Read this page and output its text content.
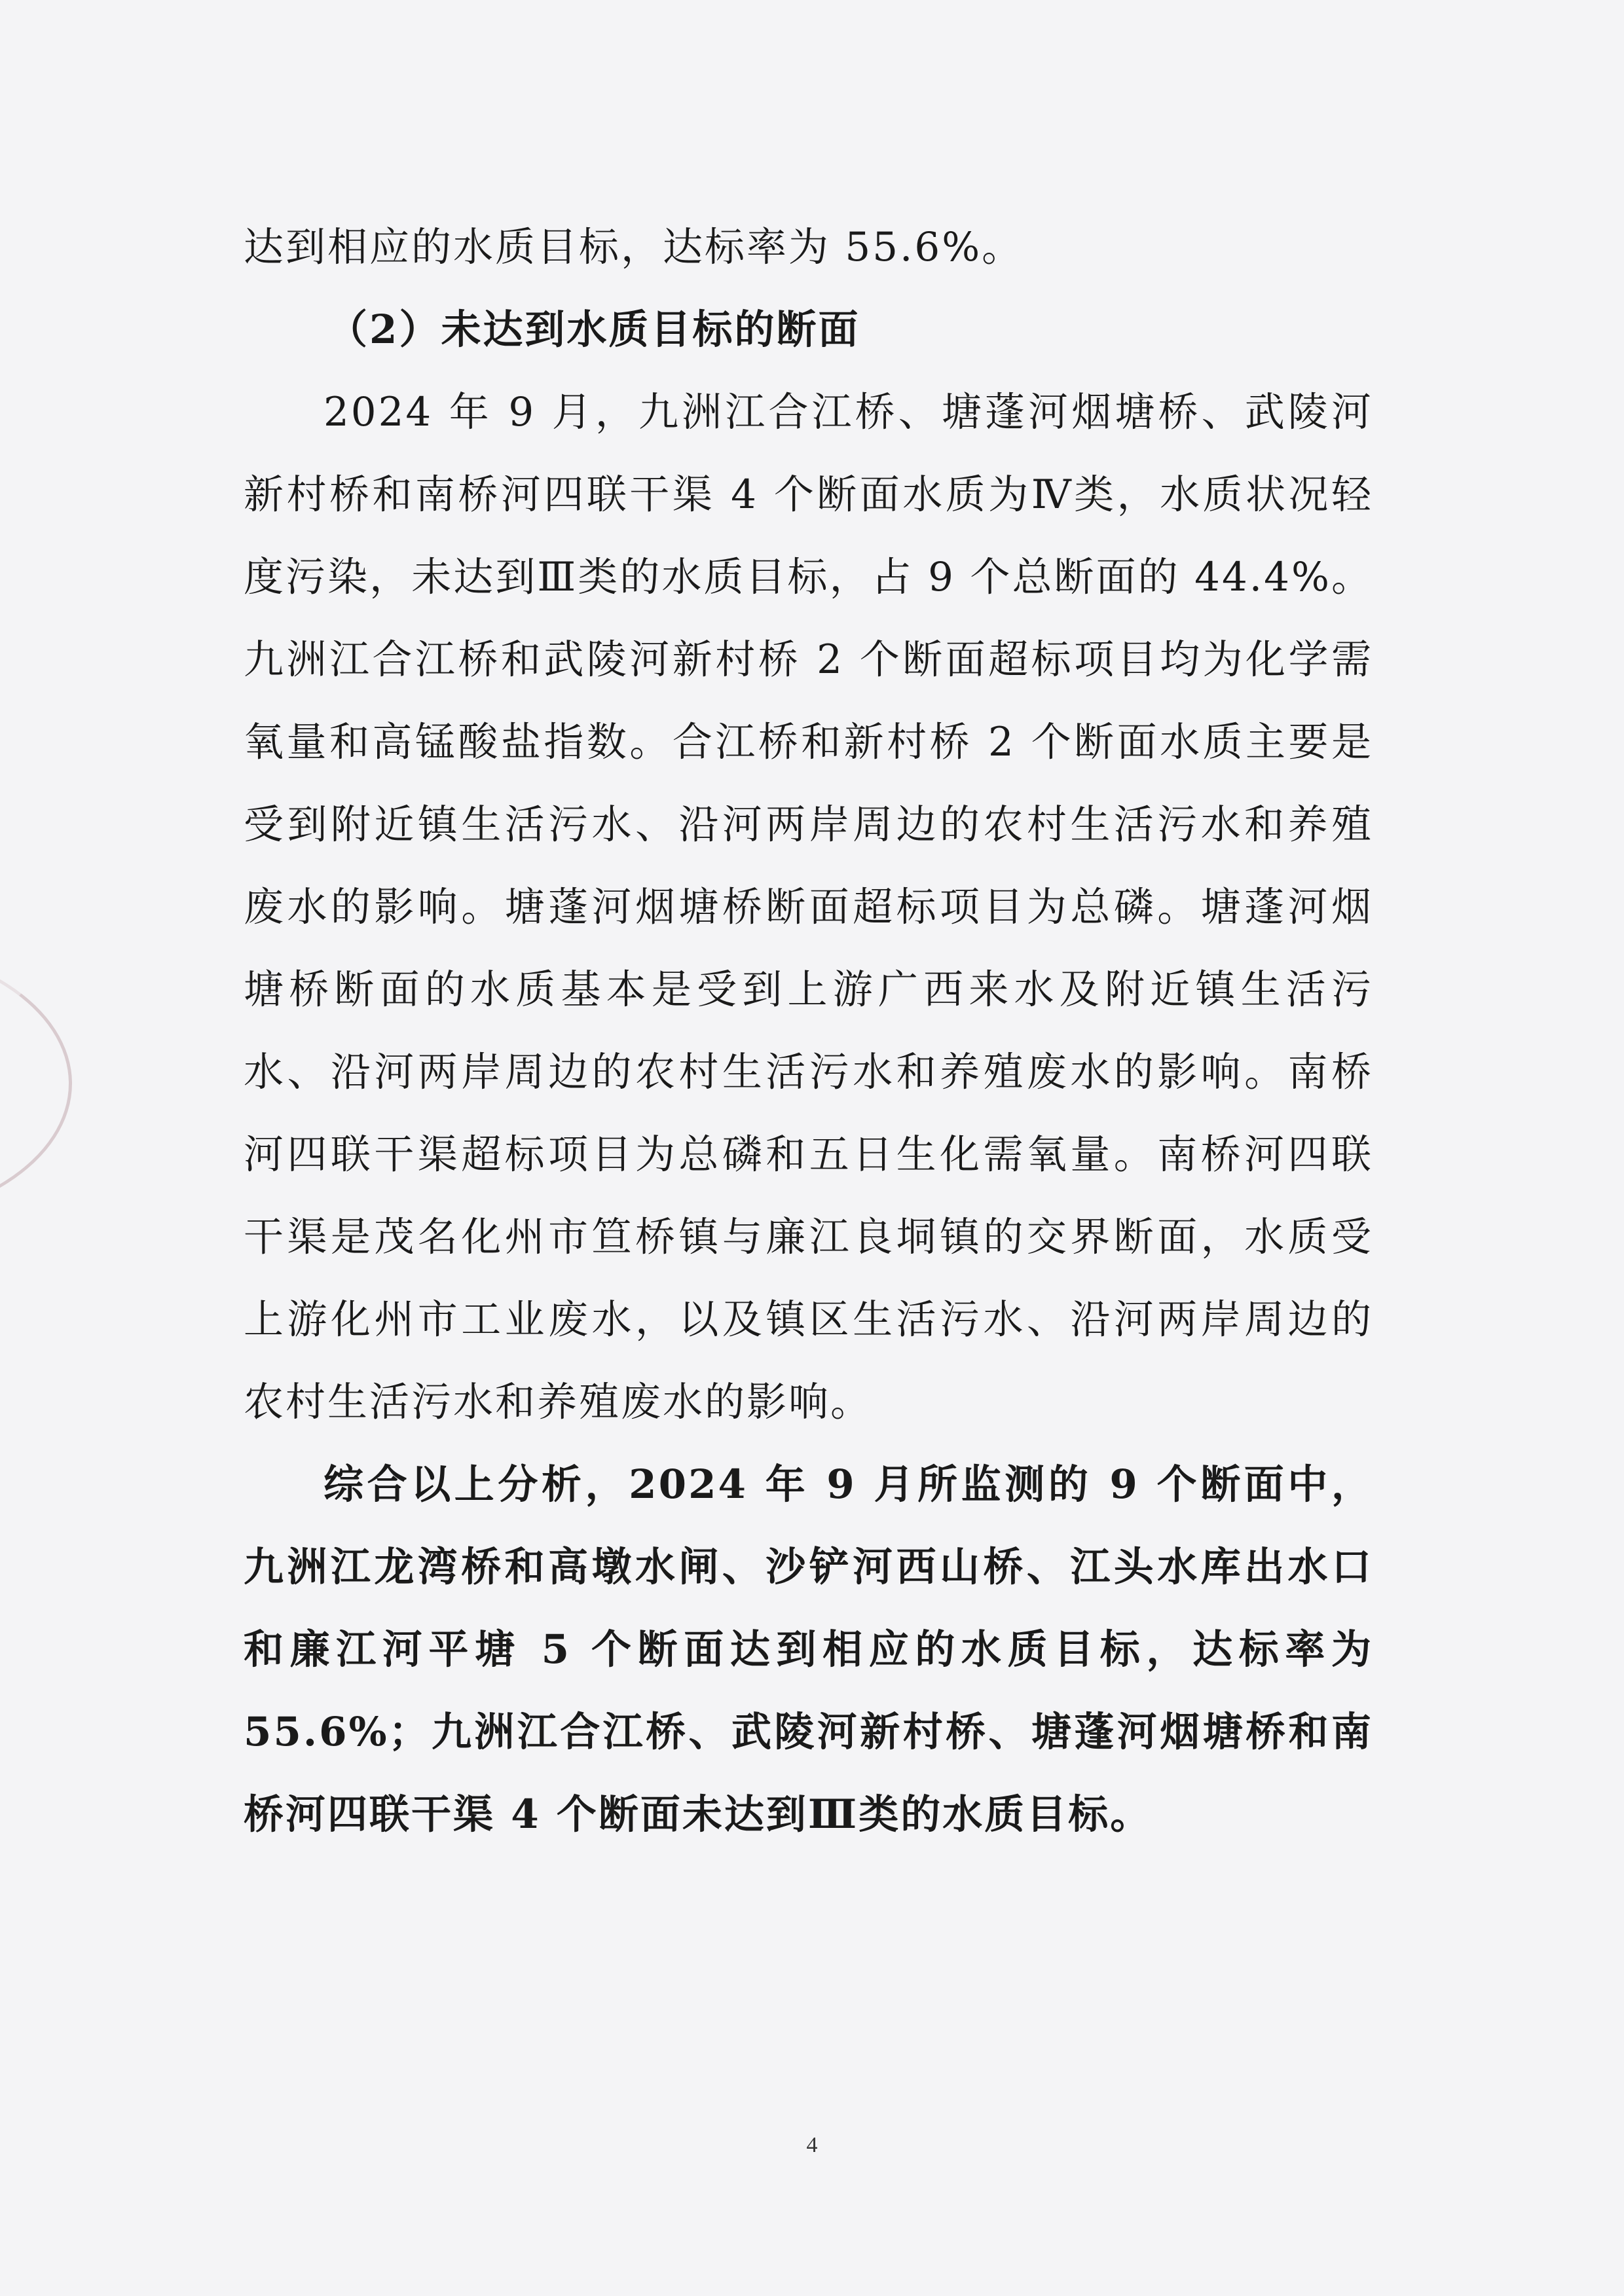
达到相应的水质目标，达标率为 55.6%。

（2）未达到水质目标的断面

2024 年 9 月，九洲江合江桥、塘蓬河烟塘桥、武陵河新村桥和南桥河四联干渠 4 个断面水质为Ⅳ类，水质状况轻度污染，未达到Ⅲ类的水质目标，占 9 个总断面的 44.4%。九洲江合江桥和武陵河新村桥 2 个断面超标项目均为化学需氧量和高锰酸盐指数。合江桥和新村桥 2 个断面水质主要是受到附近镇生活污水、沿河两岸周边的农村生活污水和养殖废水的影响。塘蓬河烟塘桥断面超标项目为总磷。塘蓬河烟塘桥断面的水质基本是受到上游广西来水及附近镇生活污水、沿河两岸周边的农村生活污水和养殖废水的影响。南桥河四联干渠超标项目为总磷和五日生化需氧量。南桥河四联干渠是茂名化州市笪桥镇与廉江良垌镇的交界断面，水质受上游化州市工业废水，以及镇区生活污水、沿河两岸周边的农村生活污水和养殖废水的影响。

综合以上分析，2024 年 9 月所监测的 9 个断面中，九洲江龙湾桥和高墩水闸、沙铲河西山桥、江头水库出水口和廉江河平塘 5 个断面达到相应的水质目标，达标率为 55.6%；九洲江合江桥、武陵河新村桥、塘蓬河烟塘桥和南桥河四联干渠 4 个断面未达到Ⅲ类的水质目标。

4
